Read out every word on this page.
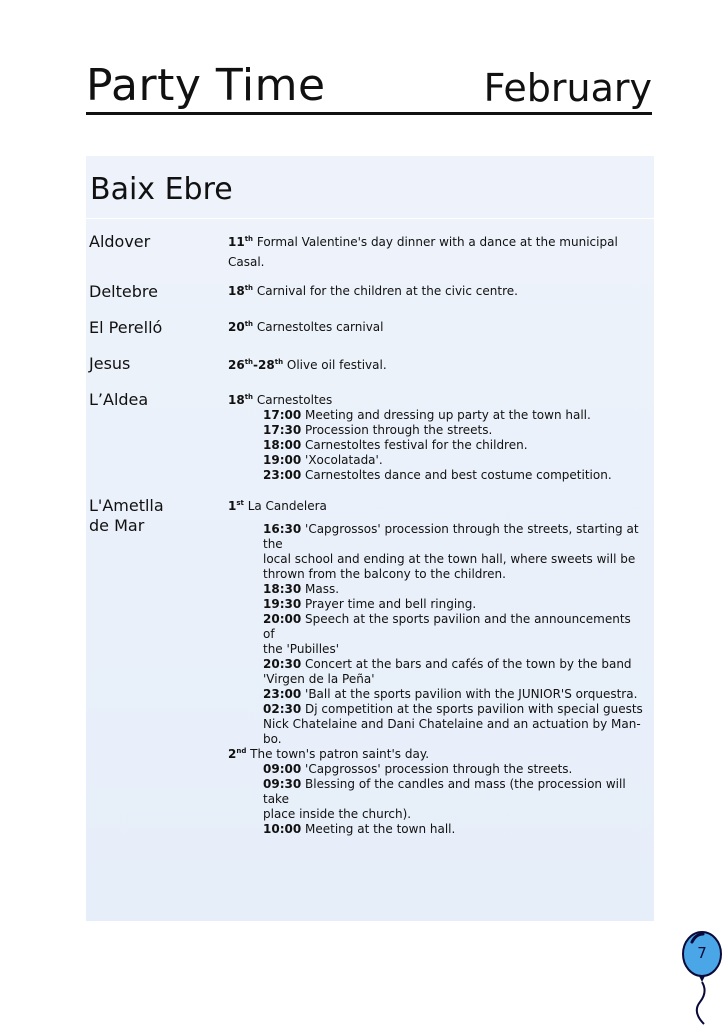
Party Time	February
Baix Ebre
Aldover	11th Formal Valentine's day dinner with a dance at the municipal
Casal.
Deltebre	18th Carnival for the children at the civic centre.
El Perelló	20th Carnestoltes carnival
Jesus	26th-28th Olive oil festival.
L’Aldea	18th Carnestoltes
17:00 Meeting and dressing up party at the town hall.
17:30 Procession through the streets.
18:00 Carnestoltes festival for the children.
19:00 'Xocolatada'.
23:00 Carnestoltes dance and best costume competition.
L'Ametlla
de Mar
1st La Candelera
16:30 'Capgrossos' procession through the streets, starting at the
local school and ending at the town hall, where sweets will be
thrown from the balcony to the children.
18:30 Mass.
19:30 Prayer time and bell ringing.
20:00 Speech at the sports pavilion and the announcements of
the 'Pubilles'
20:30 Concert at the bars and cafés of the town by the band
'Virgen de la Peña'
23:00 'Ball at the sports pavilion with the JUNIOR'S orquestra.
02:30 Dj competition at the sports pavilion with special guests
Nick Chatelaine and Dani Chatelaine and an actuation by Man-
bo.
2nd The town's patron saint's day.
09:00 'Capgrossos' procession through the streets.
09:30 Blessing of the candles and mass (the procession will take
place inside the church).
10:00 Meeting at the town hall.
7
